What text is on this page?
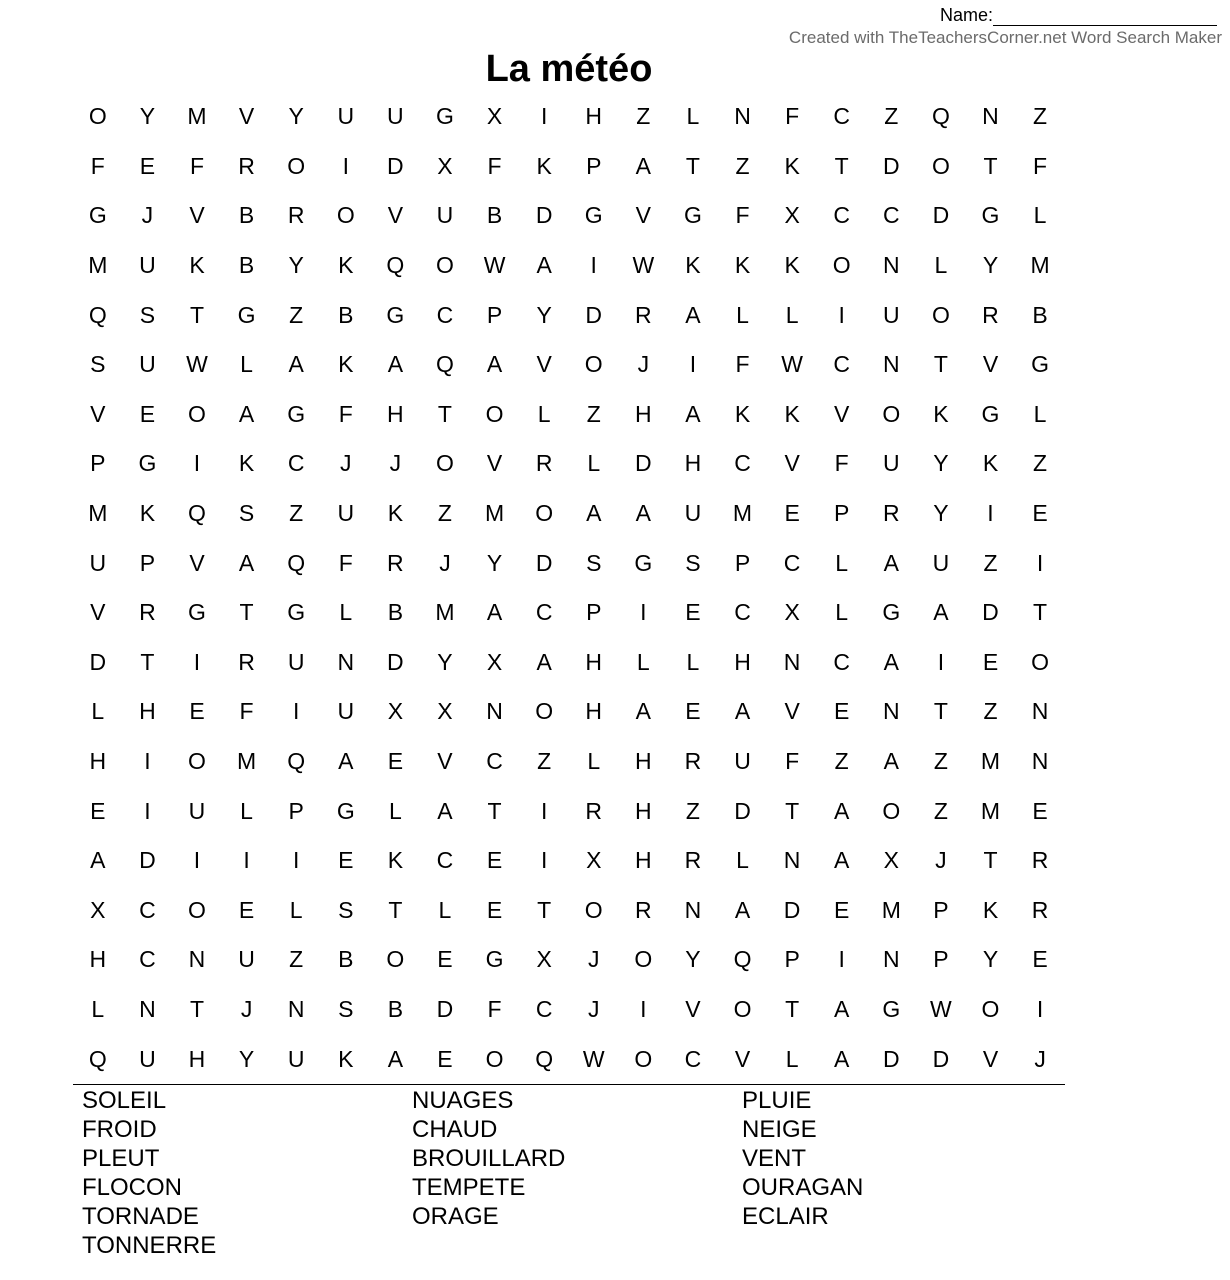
Name:
Created with TheTeachersCorner.net Word Search Maker
La météo
O	Y	M	V	Y	U	U	G	X	I	H	Z	L	N	F	C	Z	Q	N	Z
F	E	F	R	O	I	D	X	F	K	P	A	T	Z	K	T	D	O	T	F
G	J	V	B	R	O	V	U	B	D	G	V	G	F	X	C	C	D	G	L
M	U	K	B	Y	K	Q	O	W	A	I	W	K	K	K	O	N	L	Y	M
Q	S	T	G	Z	B	G	C	P	Y	D	R	A	L	L	I	U	O	R	B
S	U	W	L	A	K	A	Q	A	V	O	J	I	F	W	C	N	T	V	G
V	E	O	A	G	F	H	T	O	L	Z	H	A	K	K	V	O	K	G	L
P	G	I	K	C	J	J	O	V	R	L	D	H	C	V	F	U	Y	K	Z
M	K	Q	S	Z	U	K	Z	M	O	A	A	U	M	E	P	R	Y	I	E
U	P	V	A	Q	F	R	J	Y	D	S	G	S	P	C	L	A	U	Z	I
V	R	G	T	G	L	B	M	A	C	P	I	E	C	X	L	G	A	D	T
D	T	I	R	U	N	D	Y	X	A	H	L	L	H	N	C	A	I	E	O
L	H	E	F	I	U	X	X	N	O	H	A	E	A	V	E	N	T	Z	N
H	I	O	M	Q	A	E	V	C	Z	L	H	R	U	F	Z	A	Z	M	N
E	I	U	L	P	G	L	A	T	I	R	H	Z	D	T	A	O	Z	M	E
A	D	I	I	I	E	K	C	E	I	X	H	R	L	N	A	X	J	T	R
X	C	O	E	L	S	T	L	E	T	O	R	N	A	D	E	M	P	K	R
H	C	N	U	Z	B	O	E	G	X	J	O	Y	Q	P	I	N	P	Y	E
L	N	T	J	N	S	B	D	F	C	J	I	V	O	T	A	G	W	O	I
Q	U	H	Y	U	K	A	E	O	Q	W	O	C	V	L	A	D	D	V	J
SOLEIL	NUAGES	PLUIE
FROID	CHAUD	NEIGE
PLEUT	BROUILLARD	VENT
FLOCON	TEMPETE	OURAGAN
TORNADE	ORAGE	ECLAIR
TONNERRE
